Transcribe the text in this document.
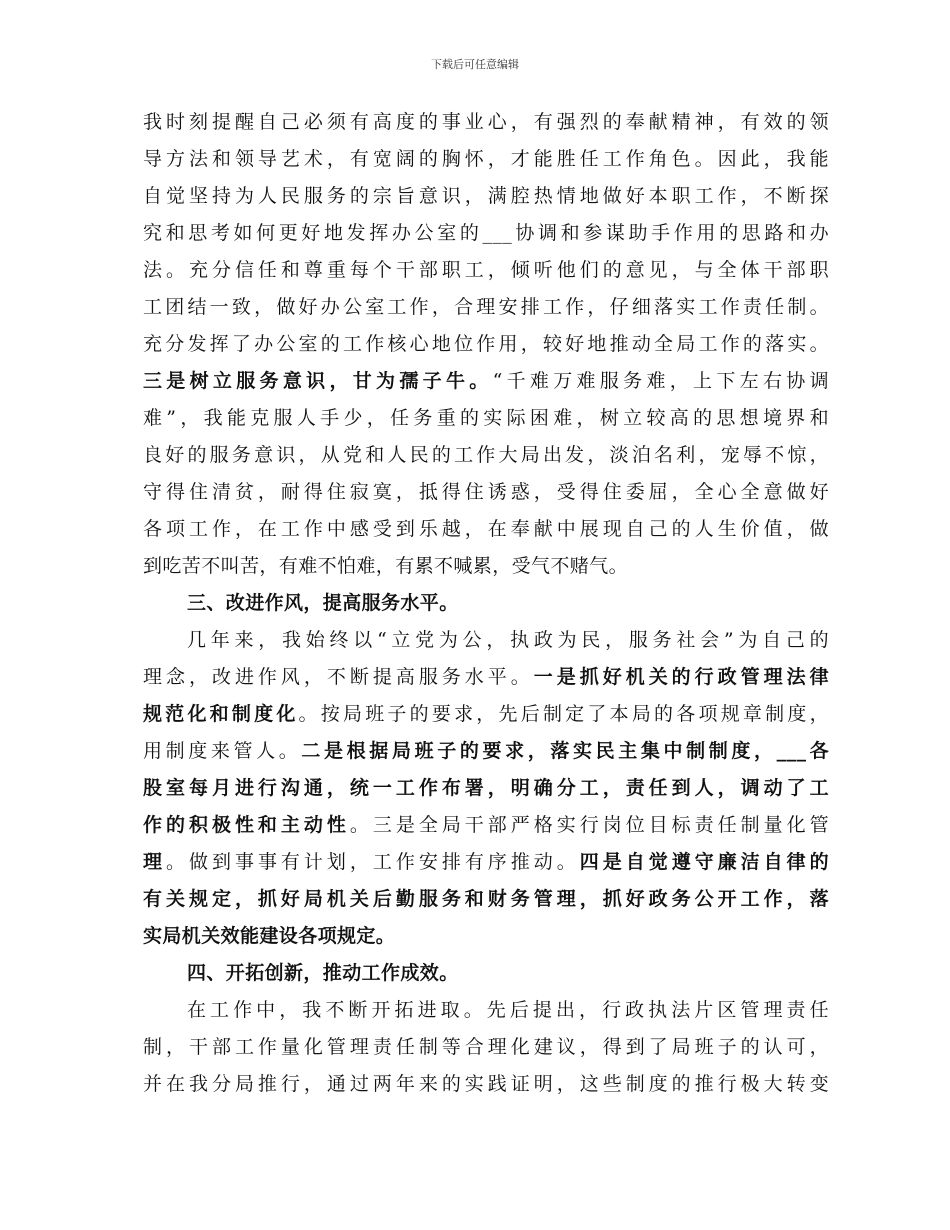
下载后可任意编辑
我时刻提醒自己必须有高度的事业心，有强烈的奉献精神，有效的领
导方法和领导艺术，有宽阔的胸怀，才能胜任工作角色。因此，我能
自觉坚持为人民服务的宗旨意识，满腔热情地做好本职工作，不断探
究和思考如何更好地发挥办公室的___协调和参谋助手作用的思路和办
法。充分信任和尊重每个干部职工，倾听他们的意见，与全体干部职
工团结一致，做好办公室工作，合理安排工作，仔细落实工作责任制。
充分发挥了办公室的工作核心地位作用，较好地推动全局工作的落实。
三是树立服务意识，甘为孺子牛。“千难万难服务难，上下左右协调
难”，我能克服人手少，任务重的实际困难，树立较高的思想境界和
良好的服务意识，从党和人民的工作大局出发，淡泊名利，宠辱不惊，
守得住清贫，耐得住寂寞，抵得住诱惑，受得住委屈，全心全意做好
各项工作，在工作中感受到乐越，在奉献中展现自己的人生价值，做
到吃苦不叫苦，有难不怕难，有累不喊累，受气不赌气。
三、改进作风，提高服务水平。
几年来，我始终以“立党为公，执政为民，服务社会”为自己的
理念，改进作风，不断提高服务水平。一是抓好机关的行政管理法律
规范化和制度化。按局班子的要求，先后制定了本局的各项规章制度，
用制度来管人。二是根据局班子的要求，落实民主集中制制度，___各
股室每月进行沟通，统一工作布署，明确分工，责任到人，调动了工
作的积极性和主动性。三是全局干部严格实行岗位目标责任制量化管
理。做到事事有计划，工作安排有序推动。四是自觉遵守廉洁自律的
有关规定，抓好局机关后勤服务和财务管理，抓好政务公开工作，落
实局机关效能建设各项规定。
四、开拓创新，推动工作成效。
在工作中，我不断开拓进取。先后提出，行政执法片区管理责任
制，干部工作量化管理责任制等合理化建议，得到了局班子的认可，
并在我分局推行，通过两年来的实践证明，这些制度的推行极大转变
